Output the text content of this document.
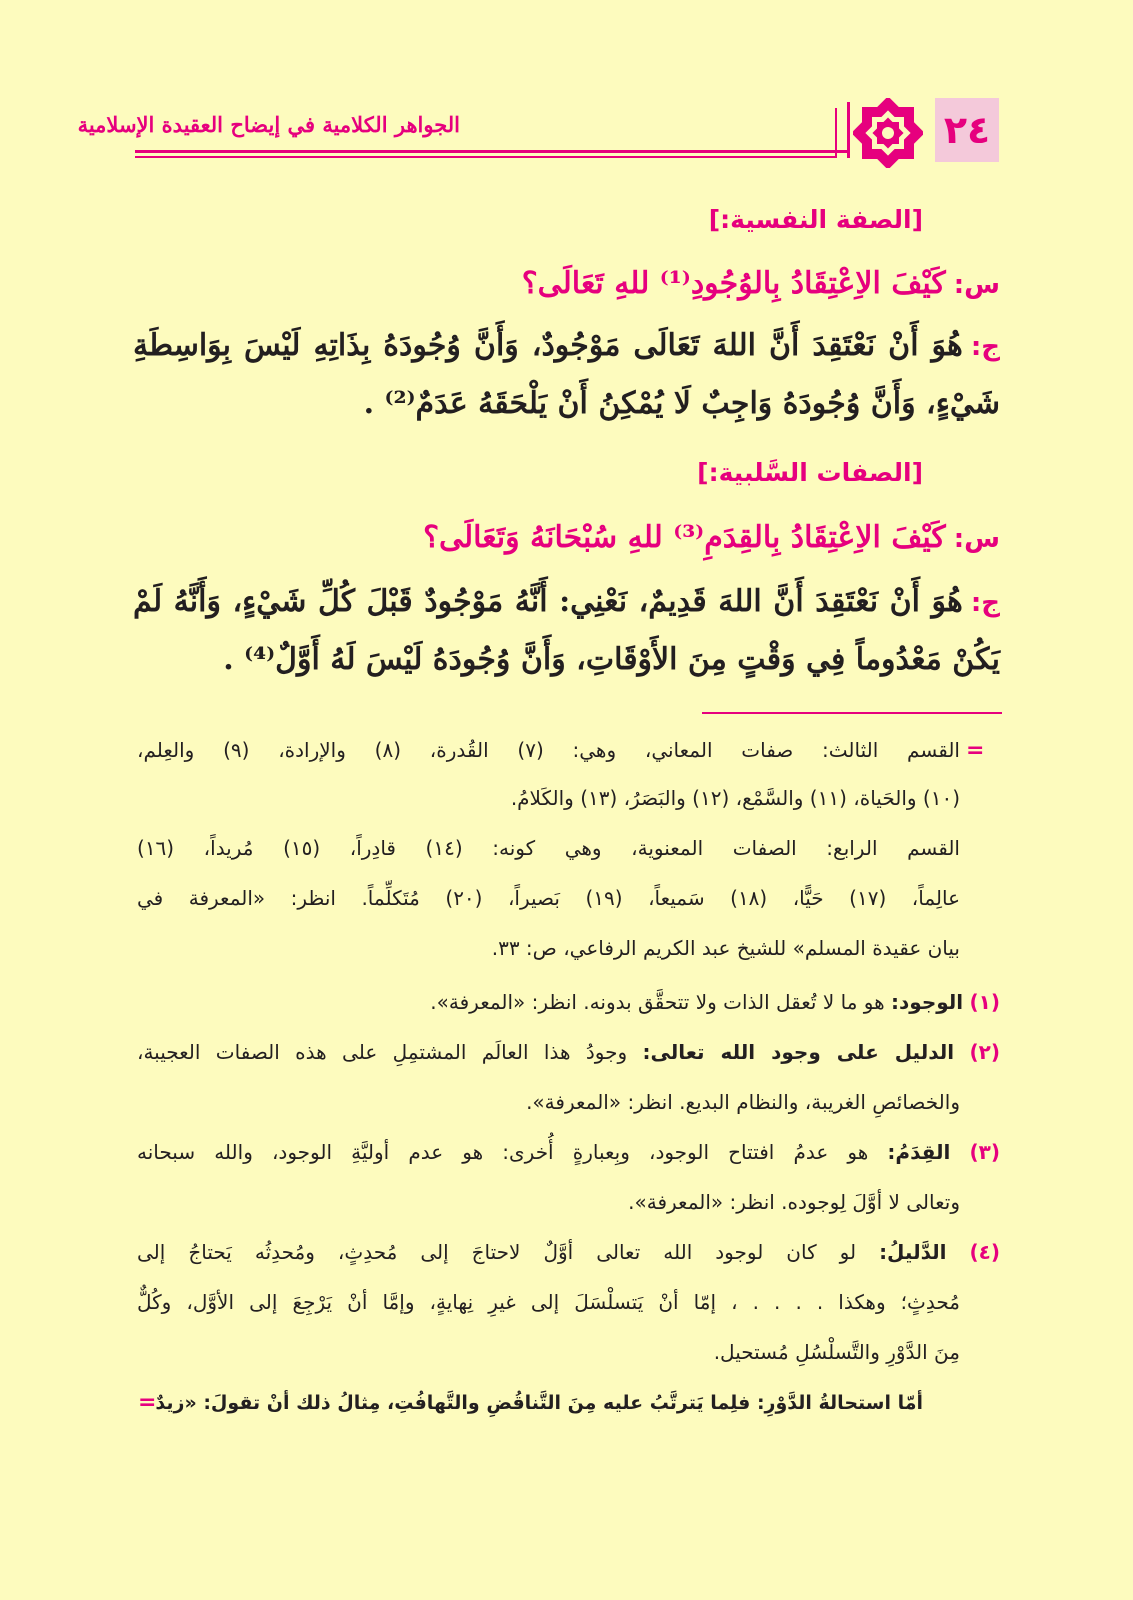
٢٤
الجواهر الكلامية في إيضاح العقيدة الإسلامية
[الصفة النفسية:]
س:كَيْفَ الاِعْتِقَادُ بِالوُجُودِ⁽¹⁾ للهِ تَعَالَى؟
ج:هُوَ أَنْ نَعْتَقِدَ أَنَّ اللهَ تَعَالَى مَوْجُودٌ، وَأَنَّ وُجُودَهُ بِذَاتِهِ لَيْسَ بِوَاسِطَةِ
شَيْءٍ، وَأَنَّ وُجُودَهُ وَاجِبٌ لَا يُمْكِنُ أَنْ يَلْحَقَهُ عَدَمٌ⁽²⁾ .
[الصفات السَّلبية:]
س:كَيْفَ الاِعْتِقَادُ بِالقِدَمِ⁽³⁾ للهِ سُبْحَانَهُ وَتَعَالَى؟
ج:هُوَ أَنْ نَعْتَقِدَ أَنَّ اللهَ قَدِيمٌ، نَعْنِي: أَنَّهُ مَوْجُودٌ قَبْلَ كُلِّ شَيْءٍ، وَأَنَّهُ لَمْ
يَكُنْ مَعْدُوماً فِي وَقْتٍ مِنَ الأَوْقَاتِ، وَأَنَّ وُجُودَهُ لَيْسَ لَهُ أَوَّلٌ⁽⁴⁾ .
=
القسم الثالث: صفات المعاني، وهي: (٧) القُدرة، (٨) والإرادة، (٩) والعِلم،
(١٠) والحَياة، (١١) والسَّمْع، (١٢) والبَصَرُ، (١٣) والكَلامُ.
القسم الرابع: الصفات المعنوية، وهي كونه: (١٤) قادِراً، (١٥) مُريداً، (١٦)
عالِماً، (١٧) حَيًّا، (١٨) سَميعاً، (١٩) بَصيراً، (٢٠) مُتَكلِّماً. انظر: «المعرفة في
بيان عقيدة المسلم» للشيخ عبد الكريم الرفاعي، ص: ٣٣.
(١) الوجود: هو ما لا تُعقل الذات ولا تتحقَّق بدونه. انظر: «المعرفة».
(٢) الدليل على وجود الله تعالى: وجودُ هذا العالَم المشتمِلِ على هذه الصفات العجيبة،
والخصائصِ الغريبة، والنظام البديع. انظر: «المعرفة».
(٣) القِدَمُ: هو عدمُ افتتاح الوجود، وبِعبارةٍ أُخرى: هو عدم أوليَّةِ الوجود، والله سبحانه
وتعالى لا أوَّلَ لِوجوده. انظر: «المعرفة».
(٤) الدَّليلُ: لو كان لوجود الله تعالى أوَّلٌ لاحتاجَ إلى مُحدِثٍ، ومُحدِثُه يَحتاجُ إلى
مُحدِثٍ؛ وهكذا . . . . ، إمّا أنْ يَتسلْسَلَ إلى غيرِ نِهايةٍ، وإمَّا أنْ يَرْجِعَ إلى الأوَّل، وكُلٌّ
مِنَ الدَّوْرِ والتَّسلْسُلِ مُستحيل.
أمّا استحالةُ الدَّوْرِ: فلِما يَترتَّبُ عليه مِنَ التَّناقُضِ والتَّهافُتِ، مِثالُ ذلك أنْ تقولَ: «زيدٌ
=
